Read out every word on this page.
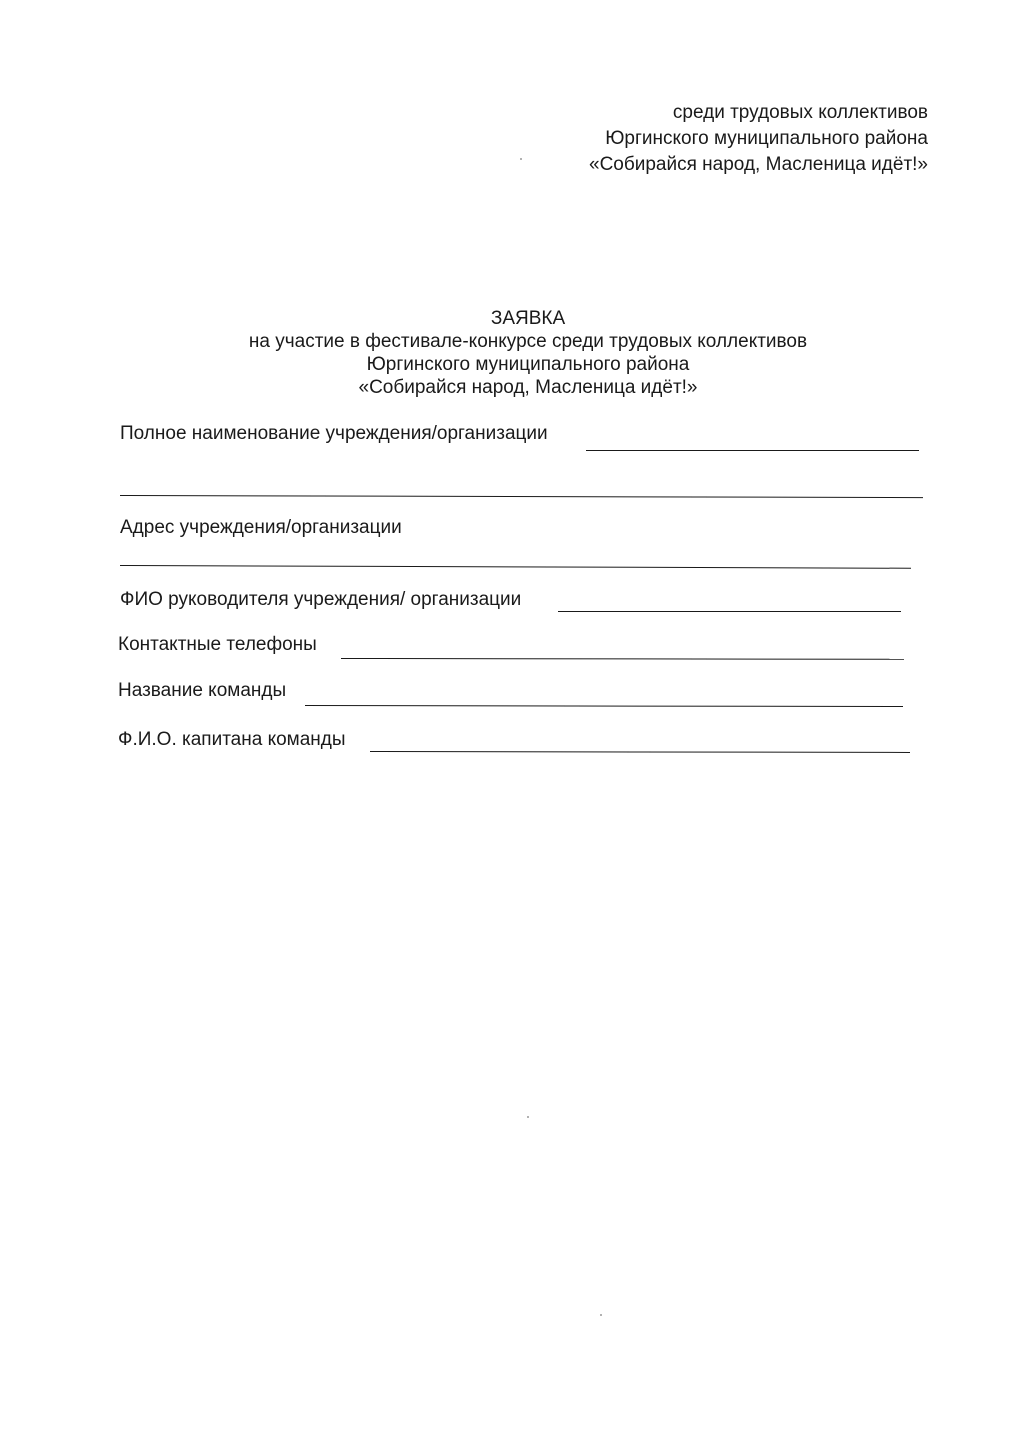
среди трудовых коллективов
Юргинского муниципального района
«Собирайся народ, Масленица идёт!»
ЗАЯВКА
на участие в фестивале-конкурсе среди трудовых коллективов
Юргинского муниципального района
«Собирайся народ, Масленица идёт!»
Полное наименование учреждения/организации
Адрес учреждения/организации
ФИО руководителя учреждения/ организации
Контактные телефоны
Название команды
Ф.И.О. капитана команды
